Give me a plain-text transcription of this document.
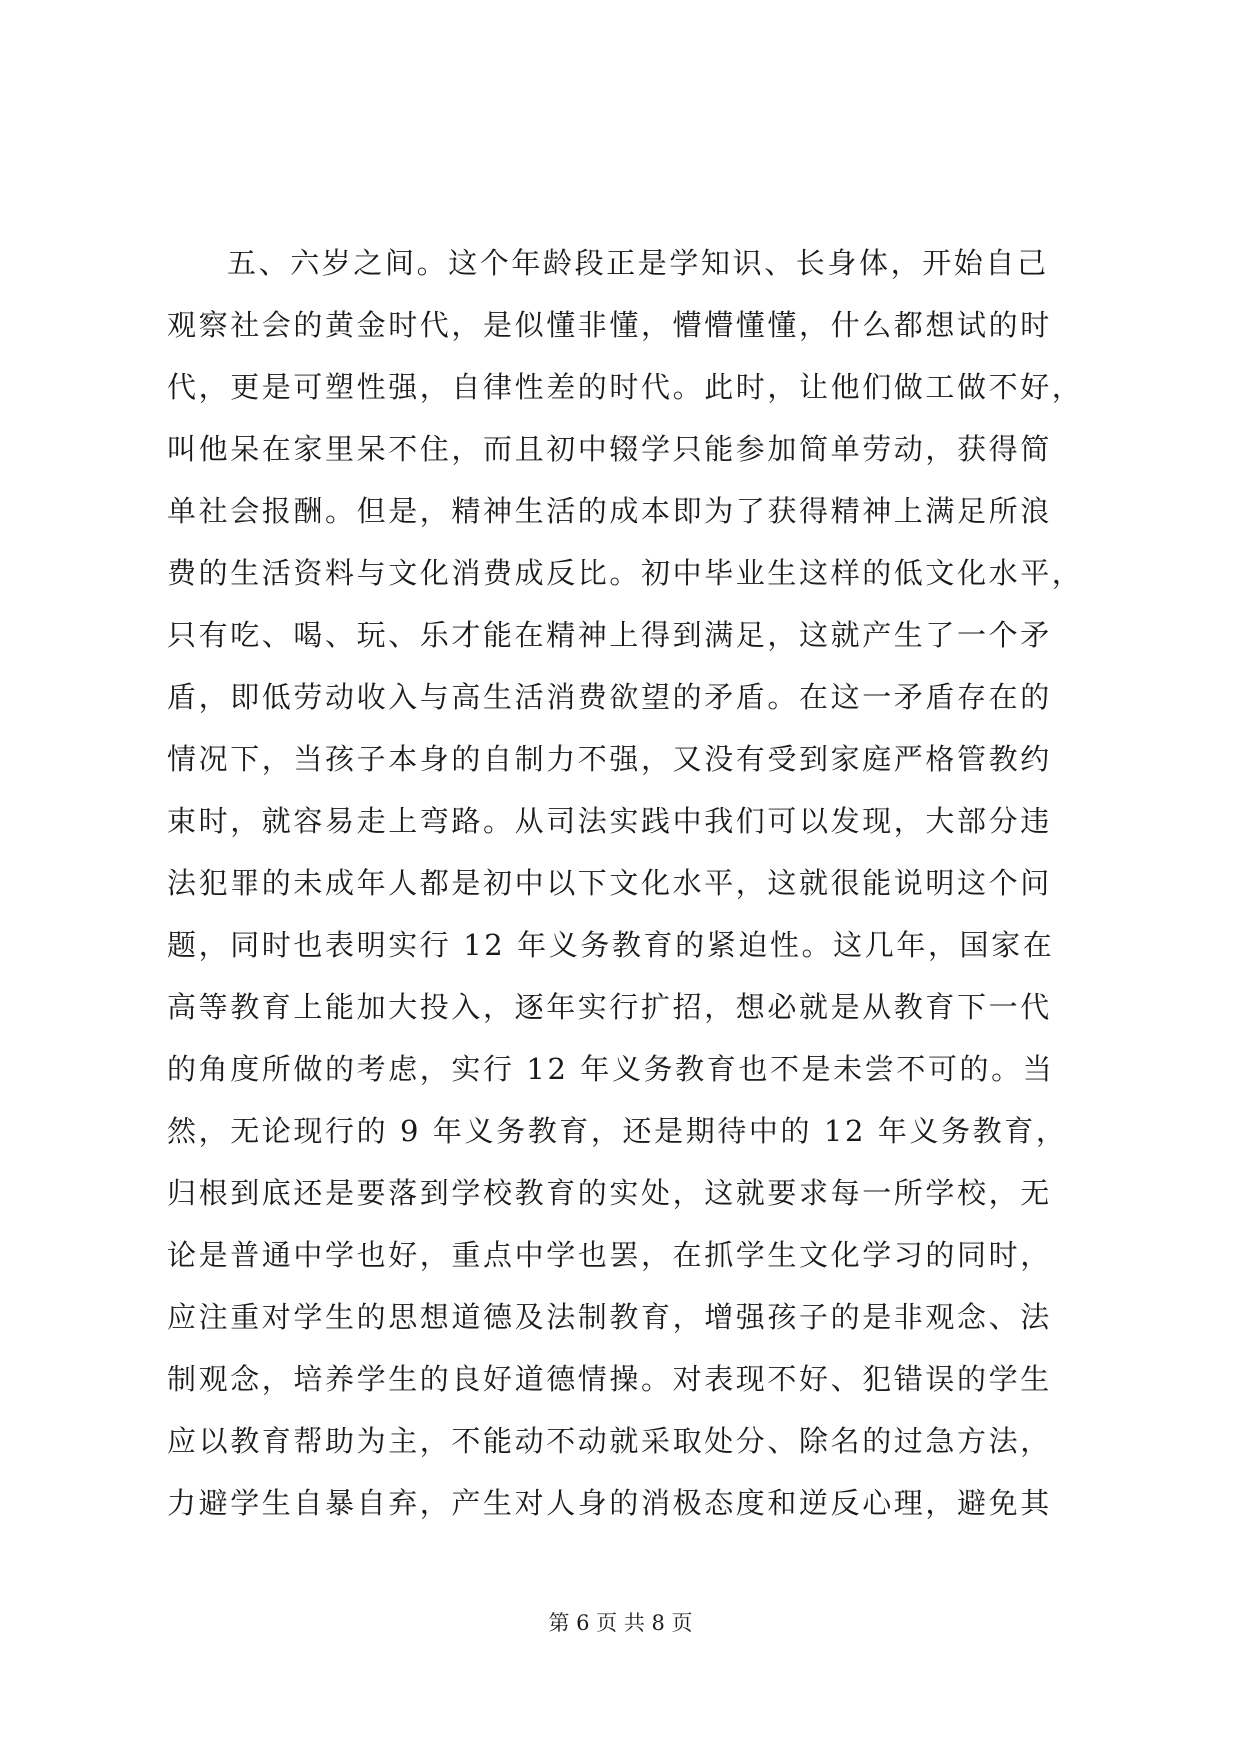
五、六岁之间。这个年龄段正是学知识、长身体，开始自己
观察社会的黄金时代，是似懂非懂，懵懵懂懂，什么都想试的时
代，更是可塑性强，自律性差的时代。此时，让他们做工做不好，
叫他呆在家里呆不住，而且初中辍学只能参加简单劳动，获得简
单社会报酬。但是，精神生活的成本即为了获得精神上满足所浪
费的生活资料与文化消费成反比。初中毕业生这样的低文化水平，
只有吃、喝、玩、乐才能在精神上得到满足，这就产生了一个矛
盾，即低劳动收入与高生活消费欲望的矛盾。在这一矛盾存在的
情况下，当孩子本身的自制力不强，又没有受到家庭严格管教约
束时，就容易走上弯路。从司法实践中我们可以发现，大部分违
法犯罪的未成年人都是初中以下文化水平，这就很能说明这个问
题，同时也表明实行 12 年义务教育的紧迫性。这几年，国家在
高等教育上能加大投入，逐年实行扩招，想必就是从教育下一代
的角度所做的考虑，实行 12 年义务教育也不是未尝不可的。当
然，无论现行的 9 年义务教育，还是期待中的 12 年义务教育，
归根到底还是要落到学校教育的实处，这就要求每一所学校，无
论是普通中学也好，重点中学也罢，在抓学生文化学习的同时，
应注重对学生的思想道德及法制教育，增强孩子的是非观念、法
制观念，培养学生的良好道德情操。对表现不好、犯错误的学生
应以教育帮助为主，不能动不动就采取处分、除名的过急方法，
力避学生自暴自弃，产生对人身的消极态度和逆反心理，避免其
第 6 页 共 8 页
